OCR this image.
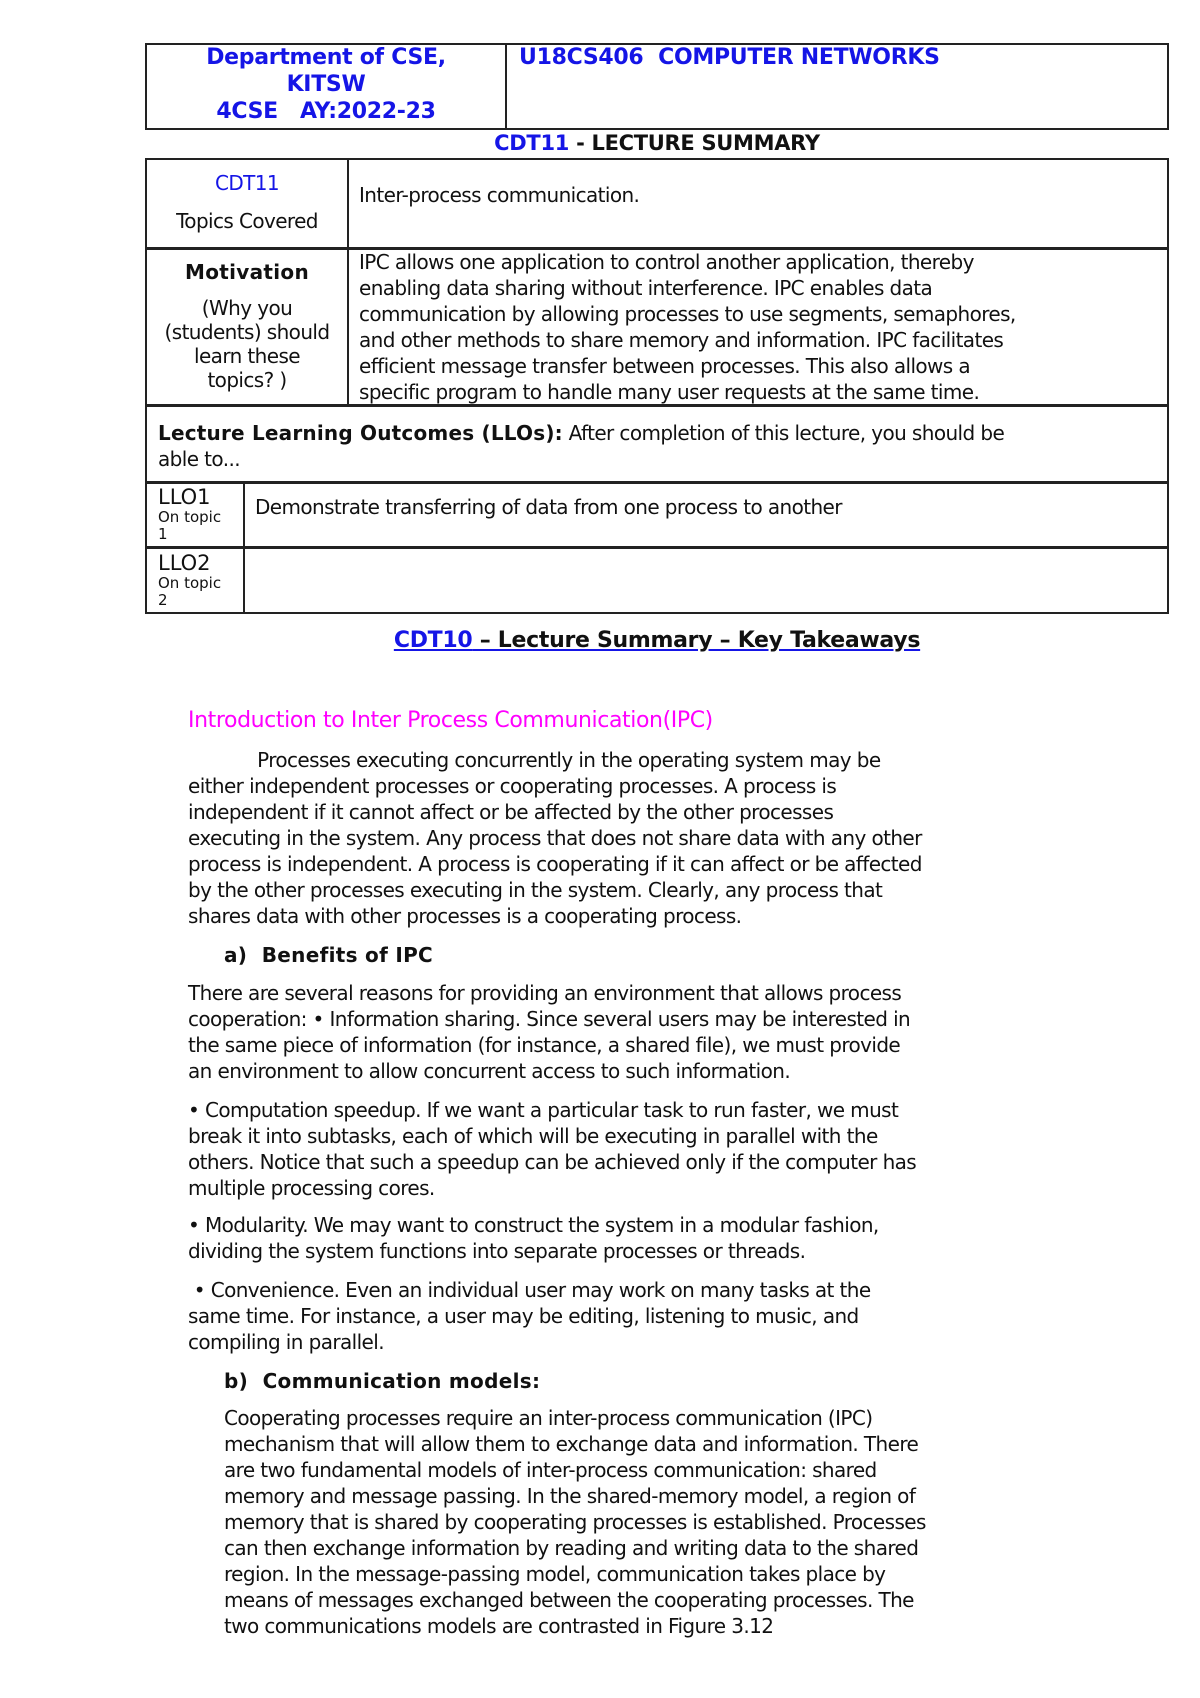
Department of CSE,
KITSW
4CSE   AY:2022-23
U18CS406  COMPUTER NETWORKS
CDT11 - LECTURE SUMMARY
CDT11
Topics Covered
Inter-process communication.
Motivation
(Why you
(students) should
learn these
topics? )
IPC allows one application to control another application, thereby
enabling data sharing without interference. IPC enables data
communication by allowing processes to use segments, semaphores,
and other methods to share memory and information. IPC facilitates
efficient message transfer between processes. This also allows a
specific program to handle many user requests at the same time.
Lecture Learning Outcomes (LLOs): After completion of this lecture, you should be
able to...
LLO1
On topic
1
Demonstrate transferring of data from one process to another
LLO2
On topic
2
CDT10 – Lecture Summary – Key Takeaways
Introduction to Inter Process Communication(IPC)
Processes executing concurrently in the operating system may be
either independent processes or cooperating processes. A process is
independent if it cannot affect or be affected by the other processes
executing in the system. Any process that does not share data with any other
process is independent. A process is cooperating if it can affect or be affected
by the other processes executing in the system. Clearly, any process that
shares data with other processes is a cooperating process.
a)  Benefits of IPC
There are several reasons for providing an environment that allows process
cooperation: • Information sharing. Since several users may be interested in
the same piece of information (for instance, a shared file), we must provide
an environment to allow concurrent access to such information.
• Computation speedup. If we want a particular task to run faster, we must
break it into subtasks, each of which will be executing in parallel with the
others. Notice that such a speedup can be achieved only if the computer has
multiple processing cores.
• Modularity. We may want to construct the system in a modular fashion,
dividing the system functions into separate processes or threads.
• Convenience. Even an individual user may work on many tasks at the
same time. For instance, a user may be editing, listening to music, and
compiling in parallel.
b)  Communication models:
Cooperating processes require an inter-process communication (IPC)
mechanism that will allow them to exchange data and information. There
are two fundamental models of inter-process communication: shared
memory and message passing. In the shared-memory model, a region of
memory that is shared by cooperating processes is established. Processes
can then exchange information by reading and writing data to the shared
region. In the message-passing model, communication takes place by
means of messages exchanged between the cooperating processes. The
two communications models are contrasted in Figure 3.12
